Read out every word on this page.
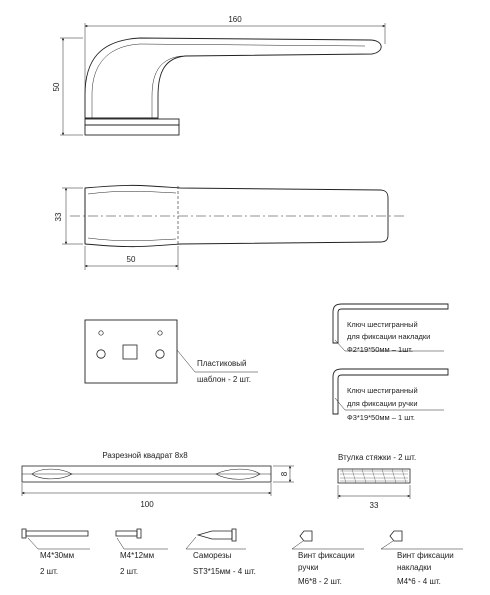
160
50
33
50
Пластиковый
шаблон - 2 шт.
Ключ шестигранный
для фиксации накладки
Ф2*19*50мм – 1шт.
Ключ шестигранный
для фиксации ручки
Ф3*19*50мм – 1 шт.
Разрезной квадрат 8х8
100
8
Втулка стяжки - 2 шт.
33
M4*30мм
2 шт.
M4*12мм
2 шт.
Саморезы
ST3*15мм - 4 шт.
Винт фиксации
ручки
M6*8 - 2 шт.
Винт фиксации
накладки
M4*6 - 4 шт.
